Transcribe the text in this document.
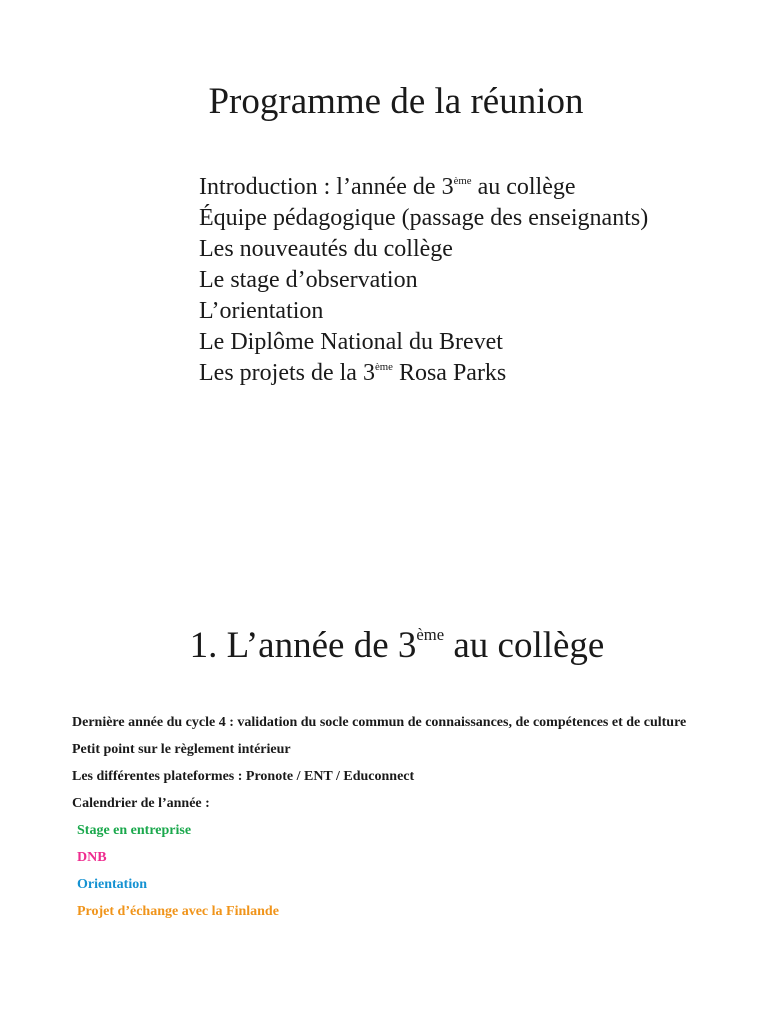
Programme de la réunion
Introduction : l’année de 3ème au collège
Équipe pédagogique (passage des enseignants)
Les nouveautés du collège
Le stage d’observation
L’orientation
Le Diplôme National du Brevet
Les projets de la 3ème Rosa Parks
1. L’année de 3ème au collège
Dernière année du cycle 4 : validation du socle commun de connaissances, de compétences et de culture
Petit point sur le règlement intérieur
Les différentes plateformes : Pronote / ENT / Educonnect
Calendrier de l’année :
Stage en entreprise
DNB
Orientation
Projet d’échange avec la Finlande
